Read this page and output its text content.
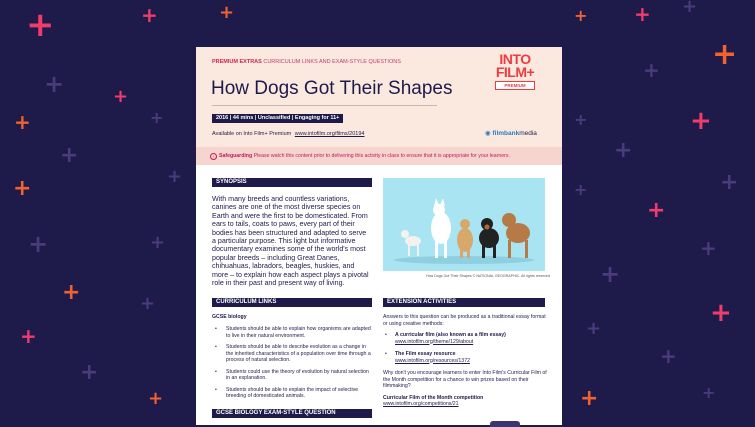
+	+	+
+	+
+	+
+
+
+
+	+
+	+
+
+
+
+ + +
+
+
+
+
+
+
+
+
+
+
+
+
+
+	+
PREMIUM EXTRAS CURRICULUM LINKS AND EXAM-STYLE QUESTIONS
How Dogs Got Their Shapes
2016 | 44 mins | Unclassified | Engaging for 11+
Available on Into Film+ Premium www.intofilm.org/films/20194
INTO FILM+
PREMIUM
◉ filmbankmedia
! Safeguarding Please watch this content prior to delivering this activity in class to ensure that it is appropriate for your learners.
SYNOPSIS
With many breeds and countless variations, canines are one of the most diverse species on Earth and were the first to be domesticated. From ears to tails, coats to paws, every part of their bodies has been structured and adapted to serve a particular purpose. This light but informative documentary examines some of the world's most popular breeds – including Great Danes, chihuahuas, labradors, beagles, huskies, and more – to explain how each aspect plays a pivotal role in their past and present way of living.
How Dogs Got Their Shapes © NATIONAL GEOGRAPHIC. All rights reserved
CURRICULUM LINKS
GCSE biology
• Students should be able to explain how organisms are adapted to live in their natural environment.
• Students should be able to describe evolution as a change in the inherited characteristics of a population over time through a process of natural selection.
• Students could use the theory of evolution by natural selection in an explanation.
• Students should be able to explain the impact of selective breeding of domesticated animals.
EXTENSION ACTIVITIES

Answers to this question can be produced as a traditional essay format or using creative methods:

• A curricular film (also known as a film essay)
www.intofilm.org/theme/129/about
• The Film essay resource
www.intofilm.org/resources/1372

Why don't you encourage learners to enter Into Film's Curricular Film of the Month competition for a chance to win prizes based on their filmmaking?

Curricular Film of the Month competition
www.intofilm.org/competitions/21

GCSE BIOLOGY EXAM-STYLE QUESTION
